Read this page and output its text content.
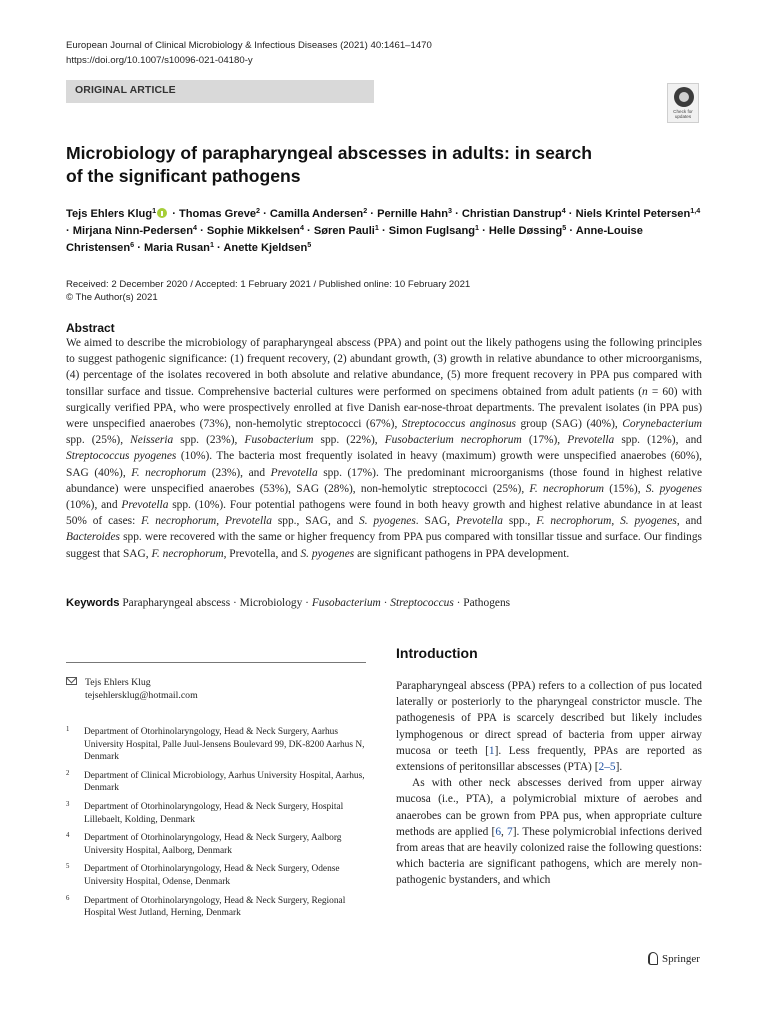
European Journal of Clinical Microbiology & Infectious Diseases (2021) 40:1461–1470
https://doi.org/10.1007/s10096-021-04180-y
ORIGINAL ARTICLE
Check for updates
Microbiology of parapharyngeal abscesses in adults: in search
of the significant pathogens
Tejs Ehlers Klug$^1$ · Thomas Greve$^2$ · Camilla Andersen$^2$ · Pernille Hahn$^3$ · Christian Danstrup$^4$ · Niels Krintel Petersen$^{1,4}$ · Mirjana Ninn-Pedersen$^4$ · Sophie Mikkelsen$^4$ · Søren Pauli$^1$ · Simon Fuglsang$^1$ · Helle Døssing$^5$ · Anne-Louise Christensen$^6$ · Maria Rusan$^1$ · Anette Kjeldsen$^5$
Received: 2 December 2020 / Accepted: 1 February 2021 / Published online: 10 February 2021
© The Author(s) 2021
Abstract
We aimed to describe the microbiology of parapharyngeal abscess (PPA) and point out the likely pathogens using the following principles to suggest pathogenic significance: (1) frequent recovery, (2) abundant growth, (3) growth in relative abundance to other microorganisms, (4) percentage of the isolates recovered in both absolute and relative abundance, (5) more frequent recovery in PPA pus compared with tonsillar surface and tissue. Comprehensive bacterial cultures were performed on specimens obtained from adult patients (n = 60) with surgically verified PPA, who were prospectively enrolled at five Danish ear-nose-throat departments. The prevalent isolates (in PPA pus) were unspecified anaerobes (73%), non-hemolytic streptococci (67%), Streptococcus anginosus group (SAG) (40%), Corynebacterium spp. (25%), Neisseria spp. (23%), Fusobacterium spp. (22%), Fusobacterium necrophorum (17%), Prevotella spp. (12%), and Streptococcus pyogenes (10%). The bacteria most frequently isolated in heavy (maximum) growth were unspecified anaerobes (60%), SAG (40%), F. necrophorum (23%), and Prevotella spp. (17%). The predominant microorganisms (those found in highest relative abundance) were unspecified anaerobes (53%), SAG (28%), non-hemolytic streptococci (25%), F. necrophorum (15%), S. pyogenes (10%), and Prevotella spp. (10%). Four potential pathogens were found in both heavy growth and highest relative abundance in at least 50% of cases: F. necrophorum, Prevotella spp., SAG, and S. pyogenes. SAG, Prevotella spp., F. necrophorum, S. pyogenes, and Bacteroides spp. were recovered with the same or higher frequency from PPA pus compared with tonsillar tissue and surface. Our findings suggest that SAG, F. necrophorum, Prevotella, and S. pyogenes are significant pathogens in PPA development.
Keywords Parapharyngeal abscess · Microbiology · Fusobacterium · Streptococcus · Pathogens
Tejs Ehlers Klug
tejsehlersklug@hotmail.com
1 Department of Otorhinolaryngology, Head & Neck Surgery, Aarhus University Hospital, Palle Juul-Jensens Boulevard 99, DK-8200 Aarhus N, Denmark
2 Department of Clinical Microbiology, Aarhus University Hospital, Aarhus, Denmark
3 Department of Otorhinolaryngology, Head & Neck Surgery, Hospital Lillebaelt, Kolding, Denmark
4 Department of Otorhinolaryngology, Head & Neck Surgery, Aalborg University Hospital, Aalborg, Denmark
5 Department of Otorhinolaryngology, Head & Neck Surgery, Odense University Hospital, Odense, Denmark
6 Department of Otorhinolaryngology, Head & Neck Surgery, Regional Hospital West Jutland, Herning, Denmark
Introduction
Parapharyngeal abscess (PPA) refers to a collection of pus located laterally or posteriorly to the pharyngeal constrictor muscle. The pathogenesis of PPA is scarcely described but likely includes lymphogenous or direct spread of bacteria from upper airway mucosa or teeth [1]. Less frequently, PPAs are reported as extensions of peritonsillar abscesses (PTA) [2–5].
As with other neck abscesses derived from upper airway mucosa (i.e., PTA), a polymicrobial mixture of aerobes and anaerobes can be grown from PPA pus, when appropriate culture methods are applied [6, 7]. These polymicrobial infections derived from areas that are heavily colonized raise the following questions: which bacteria are significant pathogens, which are merely non-pathogenic bystanders, and which
Springer
